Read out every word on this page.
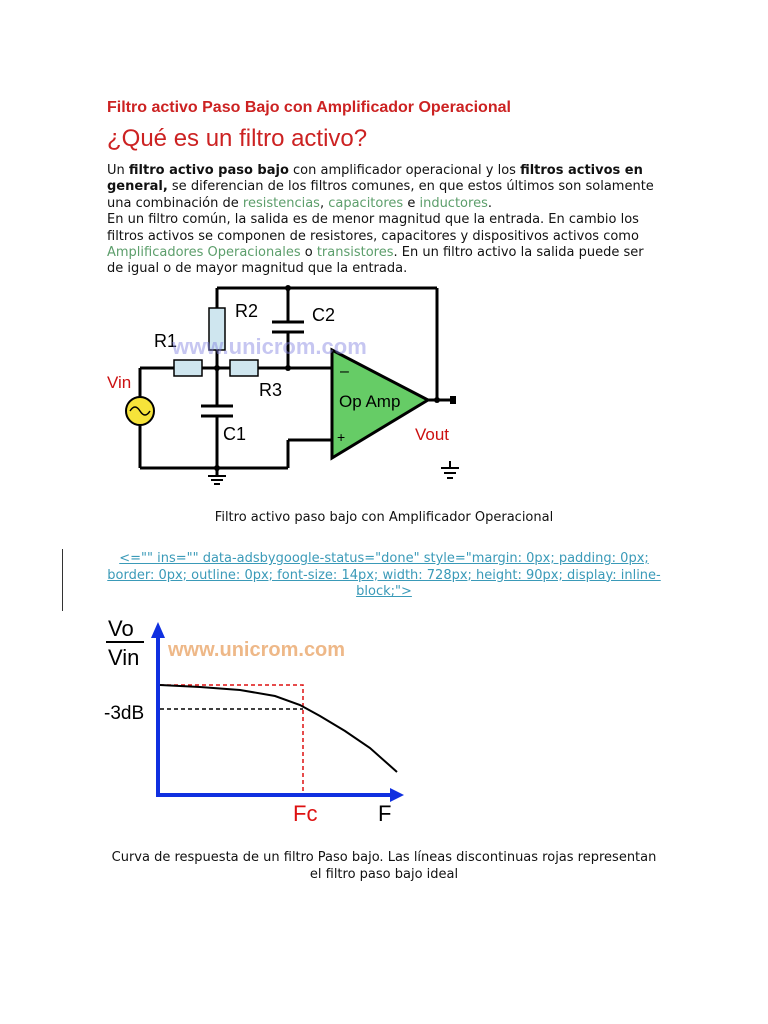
Filtro activo Paso Bajo con Amplificador Operacional
¿Qué es un filtro activo?
Un filtro activo paso bajo con amplificador operacional y los filtros activos en general, se diferencian de los filtros comunes, en que estos últimos son solamente una combinación de resistencias, capacitores e inductores.
En un filtro común, la salida es de menor magnitud que la entrada. En cambio los filtros activos se componen de resistores, capacitores y dispositivos activos como Amplificadores Operacionales o transistores. En un filtro activo la salida puede ser de igual o de mayor magnitud que la entrada.
–
+
Op Amp
R1
R2
R3
C1
C2
Vin
Vout
www.unicrom.com
Filtro activo paso bajo con Amplificador Operacional
<="" ins="" data-adsbygoogle-status="done" style="margin: 0px; padding: 0px; border: 0px; outline: 0px; font-size: 14px; width: 728px; height: 90px; display: inline-block;">
Vo
Vin www.unicrom.com
-3dB
Fc	F
Curva de respuesta de un filtro Paso bajo. Las líneas discontinuas rojas representan el filtro paso bajo ideal
